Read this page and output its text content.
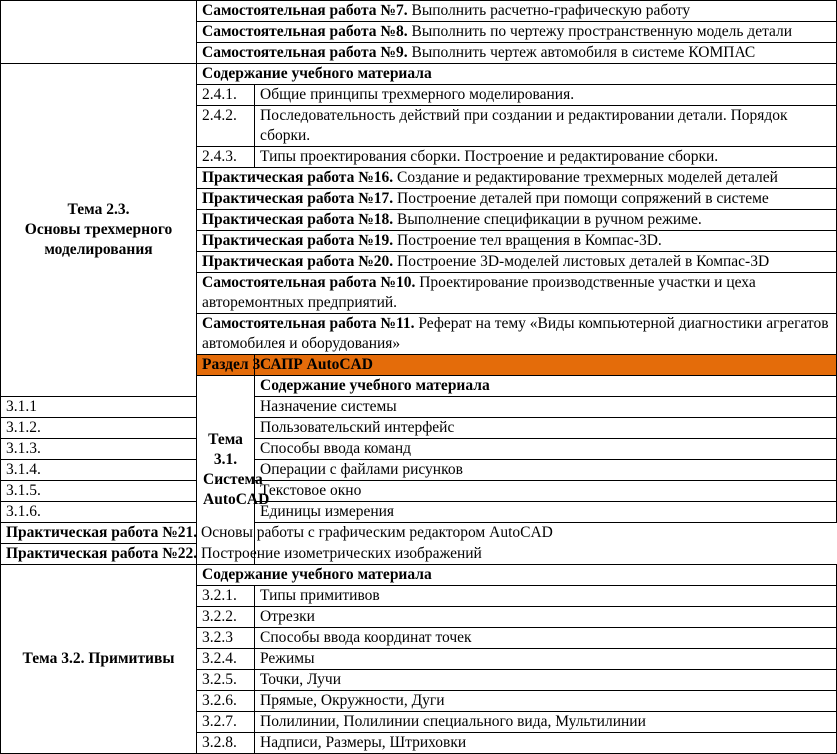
	Самостоятельная работа №7. Выполнить расчетно-графическую работу	
	Самостоятельная работа №8. Выполнить по чертежу пространственную модель детали	
	Самостоятельная работа №9. Выполнить чертеж автомобиля в системе КОМПАС	
Тема 2.3.
Основы трехмерного моделирования	Содержание учебного материала	
	2.4.1.	Общие принципы трехмерного моделирования.
	2.4.2.	Последовательность действий при создании и редактировании детали. Порядок сборки.
	2.4.3.	Типы проектирования сборки. Построение и редактирование сборки.
	Практическая работа №16. Создание и редактирование трехмерных моделей деталей	
	Практическая работа №17. Построение деталей при помощи сопряжений в системе	
	Практическая работа №18. Выполнение спецификации в ручном режиме.	
	Практическая работа №19. Построение тел вращения в Компас-3D.	
	Практическая работа №20. Построение 3D-моделей листовых деталей в Компас-3D	
	Самостоятельная работа №10. Проектирование производственные участки и цеха авторемонтных предприятий.	
	Самостоятельная работа №11. Реферат на тему «Виды компьютерной диагностики агрегатов автомобилея и оборудования»	
	Раздел 3	САПР AutoCAD
	Тема 3.1. Система AutoCAD	Содержание учебного материала
3.1.1		Назначение системы
3.1.2.		Пользовательский интерфейс
3.1.3.		Способы ввода команд
3.1.4.		Операции с файлами рисунков
3.1.5.		Текстовое окно
3.1.6.		Единицы измерения
Практическая работа №21. Основы работы с графическим редактором AutoCAD		
Практическая работа №22. Построение изометрических изображений		
Тема 3.2. Примитивы	Содержание учебного материала	
	3.2.1.	Типы примитивов
	3.2.2.	Отрезки
	3.2.3	Способы ввода координат точек
	3.2.4.	Режимы
	3.2.5.	Точки, Лучи
	3.2.6.	Прямые, Окружности, Дуги
	3.2.7.	Полилинии, Полилинии специального вида, Мультилинии
	3.2.8.	Надписи, Размеры, Штриховки
